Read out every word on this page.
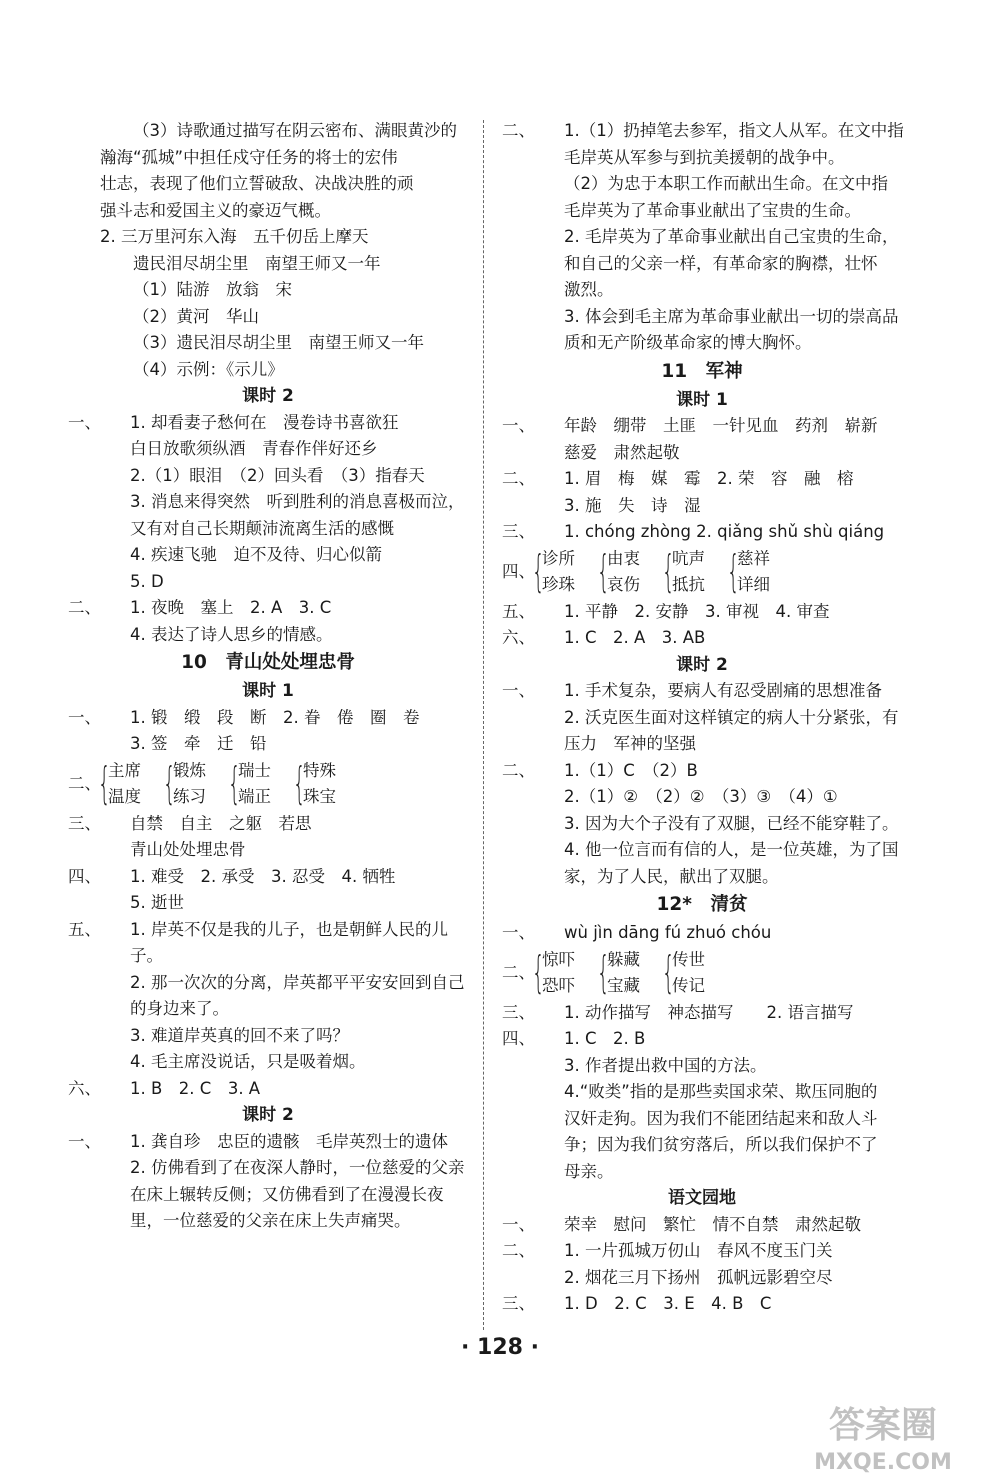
（3）诗歌通过描写在阴云密布、满眼黄沙的
瀚海“孤城”中担任戍守任务的将士的宏伟
壮志，表现了他们立誓破敌、决战决胜的顽
强斗志和爱国主义的豪迈气概。
2. 三万里河东入海　五千仞岳上摩天
遗民泪尽胡尘里　南望王师又一年
（1）陆游　放翁　宋
（2）黄河　华山
（3）遗民泪尽胡尘里　南望王师又一年
（4）示例：《示儿》
课时 2
一、 1. 却看妻子愁何在　漫卷诗书喜欲狂
白日放歌须纵酒　青春作伴好还乡
2.（1）眼泪　（2）回头看　（3）指春天
3. 消息来得突然　听到胜利的消息喜极而泣，
又有对自己长期颠沛流离生活的感慨
4. 疾速飞驰　迫不及待、归心似箭
5. D
二、 1. 夜晚　塞上　2. A　3. C
4. 表达了诗人思乡的情感。
10　青山处处埋忠骨
课时 1
一、 1. 锻　缎　段　断　2. 眷　倦　圈　卷
3. 签　牵　迁　铅
二、
{
主席
温度 {
锻炼
练习 {
瑞士
端正 {
特殊
珠宝
三、 自禁　自主　之躯　若思
青山处处埋忠骨
四、 1. 难受　2. 承受　3. 忍受　4. 牺牲
5. 逝世
五、 1. 岸英不仅是我的儿子，也是朝鲜人民的儿
子。
2. 那一次次的分离，岸英都平平安安回到自己
的身边来了。
3. 难道岸英真的回不来了吗？
4. 毛主席没说话，只是吸着烟。
六、 1. B　2. C　3. A
课时 2
一、 1. 龚自珍　忠臣的遗骸　毛岸英烈士的遗体
2. 仿佛看到了在夜深人静时，一位慈爱的父亲
在床上辗转反侧；又仿佛看到了在漫漫长夜
里，一位慈爱的父亲在床上失声痛哭。
二、 1.（1）扔掉笔去参军，指文人从军。在文中指
毛岸英从军参与到抗美援朝的战争中。
（2）为忠于本职工作而献出生命。在文中指
毛岸英为了革命事业献出了宝贵的生命。
2. 毛岸英为了革命事业献出自己宝贵的生命，
和自己的父亲一样，有革命家的胸襟，壮怀
激烈。
3. 体会到毛主席为革命事业献出一切的崇高品
质和无产阶级革命家的博大胸怀。
11　军神
课时 1
一、 年龄　绷带　土匪　一针见血　药剂　崭新
慈爱　肃然起敬
二、 1. 眉　梅　媒　霉　2. 荣　容　融　榕
3. 施　失　诗　湿
三、 1. chóng zhòng 2. qiǎng shǔ shù qiáng
四、
{
诊所
珍珠 {
由衷
哀伤 {
吭声
抵抗 {
慈祥
详细
五、 1. 平静　2. 安静　3. 审视　4. 审查
六、 1. C　2. A　3. AB
课时 2
一、 1. 手术复杂，要病人有忍受剧痛的思想准备
2. 沃克医生面对这样镇定的病人十分紧张，有
压力　军神的坚强
二、 1.（1）C　（2）B
2.（1）②　（2）②　（3）③　（4）①
3. 因为大个子没有了双腿，已经不能穿鞋了。
4. 他一位言而有信的人，是一位英雄，为了国
家，为了人民，献出了双腿。
12*　清贫
一、 wù jìn dāng fú zhuó chóu
二、
{
惊吓
恐吓 {
躲藏
宝藏 {
传世
传记
三、 1. 动作描写　神态描写　　2. 语言描写
四、 1. C　2. B
3. 作者提出救中国的方法。
4.“败类”指的是那些卖国求荣、欺压同胞的
汉奸走狗。因为我们不能团结起来和敌人斗
争；因为我们贫穷落后，所以我们保护不了
母亲。
语文园地
一、 荣幸　慰问　繁忙　情不自禁　肃然起敬
二、 1. 一片孤城万仞山　春风不度玉门关
2. 烟花三月下扬州　孤帆远影碧空尽
三、 1. D　2. C　3. E　4. B　C
· 128 ·
答案圈
MXQE.COM
